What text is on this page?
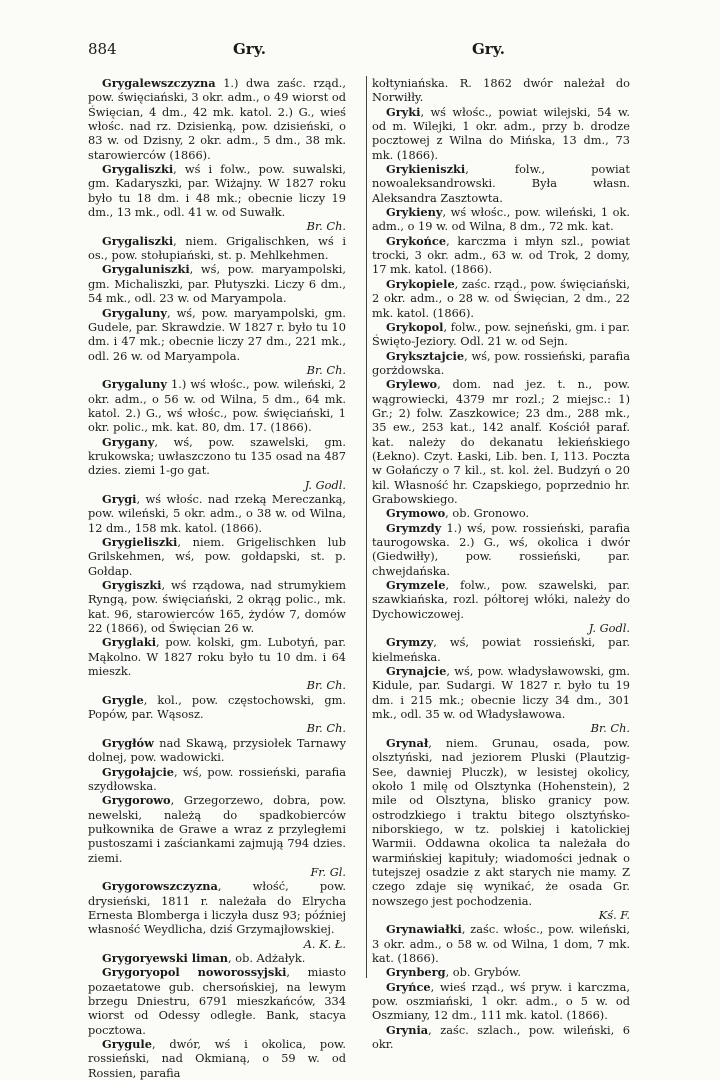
884	Gry.	Gry.

Grygalewszczyzna 1.) dwa zaśc. rząd., pow. święciański, 3 okr. adm., o 49 wiorst od Święcian, 4 dm., 42 mk. katol. 2.) G., wieś włośc. nad rz. Dzisienką, pow. dzisieński, o 83 w. od Dzisny, 2 okr. adm., 5 dm., 38 mk. starowierców (1866).

Grygaliszki, wś i folw., pow. suwalski, gm. Kadaryszki, par. Wiżajny. W 1827 roku było tu 18 dm. i 48 mk.; obecnie liczy 19 dm., 13 mk., odl. 41 w. od Suwałk.
Br. Ch.

Grygaliszki, niem. Grigalischken, wś i os., pow. stołupiański, st. p. Mehlkehmen.

Grygaluniszki, wś, pow. maryampolski, gm. Michaliszki, par. Płutyszki. Liczy 6 dm., 54 mk., odl. 23 w. od Maryampola.

Grygaluny, wś, pow. maryampolski, gm. Gudele, par. Skrawdzie. W 1827 r. było tu 10 dm. i 47 mk.; obecnie liczy 27 dm., 221 mk., odl. 26 w. od Maryampola.
Br. Ch.

Grygaluny 1.) wś włośc., pow. wileński, 2 okr. adm., o 56 w. od Wilna, 5 dm., 64 mk. katol. 2.) G., wś włośc., pow. święciański, 1 okr. polic., mk. kat. 80, dm. 17. (1866).

Grygany, wś, pow. szawelski, gm. krukowska; uwłaszczono tu 135 osad na 487 dzies. ziemi 1-go gat.
J. Godl.

Grygi, wś włośc. nad rzeką Mereczanką, pow. wileński, 5 okr. adm., o 38 w. od Wilna, 12 dm., 158 mk. katol. (1866).

Grygieliszki, niem. Grigelischken lub Grilskehmen, wś, pow. gołdapski, st. p. Gołdap.

Grygiszki, wś rządowa, nad strumykiem Ryngą, pow. święciański, 2 okrąg polic., mk. kat. 96, starowierców 165, żydów 7, domów 22 (1866), od Święcian 26 w.

Gryglaki, pow. kolski, gm. Lubotyń, par. Mąkolno. W 1827 roku było tu 10 dm. i 64 mieszk.
Br. Ch.

Grygle, kol., pow. częstochowski, gm. Popów, par. Wąsosz.
Br. Ch.

Grygłów nad Skawą, przysiołek Tarnawy dolnej, pow. wadowicki.

Grygołajcie, wś, pow. rossieński, parafia szydłowska.

Grygorowo, Grzegorzewo, dobra, pow. newelski, należą do spadkobierców pułkownika de Grawe a wraz z przyległemi pustoszami i zaściankami zajmują 794 dzies. ziemi.
Fr. Gl.

Grygorowszczyzna, włość, pow. drysieński, 1811 r. należała do Elrycha Ernesta Blomberga i liczyła dusz 93; później własność Weydlicha, dziś Grzymajłowskiej.
A. K. Ł.

Grygoryewski liman, ob. Adżałyk.

Grygoryopol noworossyjski, miasto pozaetatowe gub. chersońskiej, na lewym brzegu Dniestru, 6791 mieszkańców, 334 wiorst od Odessy odległe. Bank, stacya pocztowa.

Grygule, dwór, wś i okolica, pow. rossieński, nad Okmianą, o 59 w. od Rossien, parafia

kołtyniańska. R. 1862 dwór należał do Norwiłły.

Gryki, wś włośc., powiat wilejski, 54 w. od m. Wilejki, 1 okr. adm., przy b. drodze pocztowej z Wilna do Mińska, 13 dm., 73 mk. (1866).

Grykieniszki, folw., powiat nowoaleksandrowski. Była własn. Aleksandra Zasztowta.

Grykieny, wś włośc., pow. wileński, 1 ok. adm., o 19 w. od Wilna, 8 dm., 72 mk. kat.

Grykońce, karczma i młyn szl., powiat trocki, 3 okr. adm., 63 w. od Trok, 2 domy, 17 mk. katol. (1866).

Grykopiele, zaśc. rząd., pow. święciański, 2 okr. adm., o 28 w. od Święcian, 2 dm., 22 mk. katol. (1866).

Grykopol, folw., pow. sejneński, gm. i par. Święto-Jeziory. Odl. 21 w. od Sejn.

Gryksztajcie, wś, pow. rossieński, parafia gorżdowska.

Grylewo, dom. nad jez. t. n., pow. wągrowiecki, 4379 mr rozl.; 2 miejsc.: 1) Gr.; 2) folw. Zaszkowice; 23 dm., 288 mk., 35 ew., 253 kat., 142 analf. Kościół paraf. kat. należy do dekanatu łekieńskiego (Łekno). Czyt. Łaski, Lib. ben. I, 113. Poczta w Gołańczy o 7 kil., st. kol. żel. Budzyń o 20 kil. Własność hr. Czapskiego, poprzednio hr. Grabowskiego.

Grymowo, ob. Gronowo.

Grymzdy 1.) wś, pow. rossieński, parafia taurogowska. 2.) G., wś, okolica i dwór (Giedwiłły), pow. rossieński, par. chwejdańska.

Grymzele, folw., pow. szawelski, par. szawkiańska, rozl. półtorej włóki, należy do Dychowiczowej.
J. Godl.

Grymzy, wś, powiat rossieński, par. kielmeńska.

Grynajcie, wś, pow. władysławowski, gm. Kidule, par. Sudargi. W 1827 r. było tu 19 dm. i 215 mk.; obecnie liczy 34 dm., 301 mk., odl. 35 w. od Władysławowa.
Br. Ch.

Grynał, niem. Grunau, osada, pow. olsztyński, nad jeziorem Pluski (Plautzig-See, dawniej Pluczk), w lesistej okolicy, około 1 milę od Olsztynka (Hohenstein), 2 mile od Olsztyna, blisko granicy pow. ostrodzkiego i traktu bitego olsztyńsko-niborskiego, w tz. polskiej i katolickiej Warmii. Oddawna okolica ta należała do warmińskiej kapituły; wiadomości jednak o tutejszej osadzie z akt starych nie mamy. Z czego zdaje się wynikać, że osada Gr. nowszego jest pochodzenia.
Kś. F.

Grynawiałki, zaśc. włośc., pow. wileński, 3 okr. adm., o 58 w. od Wilna, 1 dom, 7 mk. kat. (1866).

Grynberg, ob. Grybów.

Gryńce, wieś rząd., wś pryw. i karczma, pow. oszmiański, 1 okr. adm., o 5 w. od Oszmiany, 12 dm., 111 mk. katol. (1866).

Grynia, zaśc. szlach., pow. wileński, 6 okr.
